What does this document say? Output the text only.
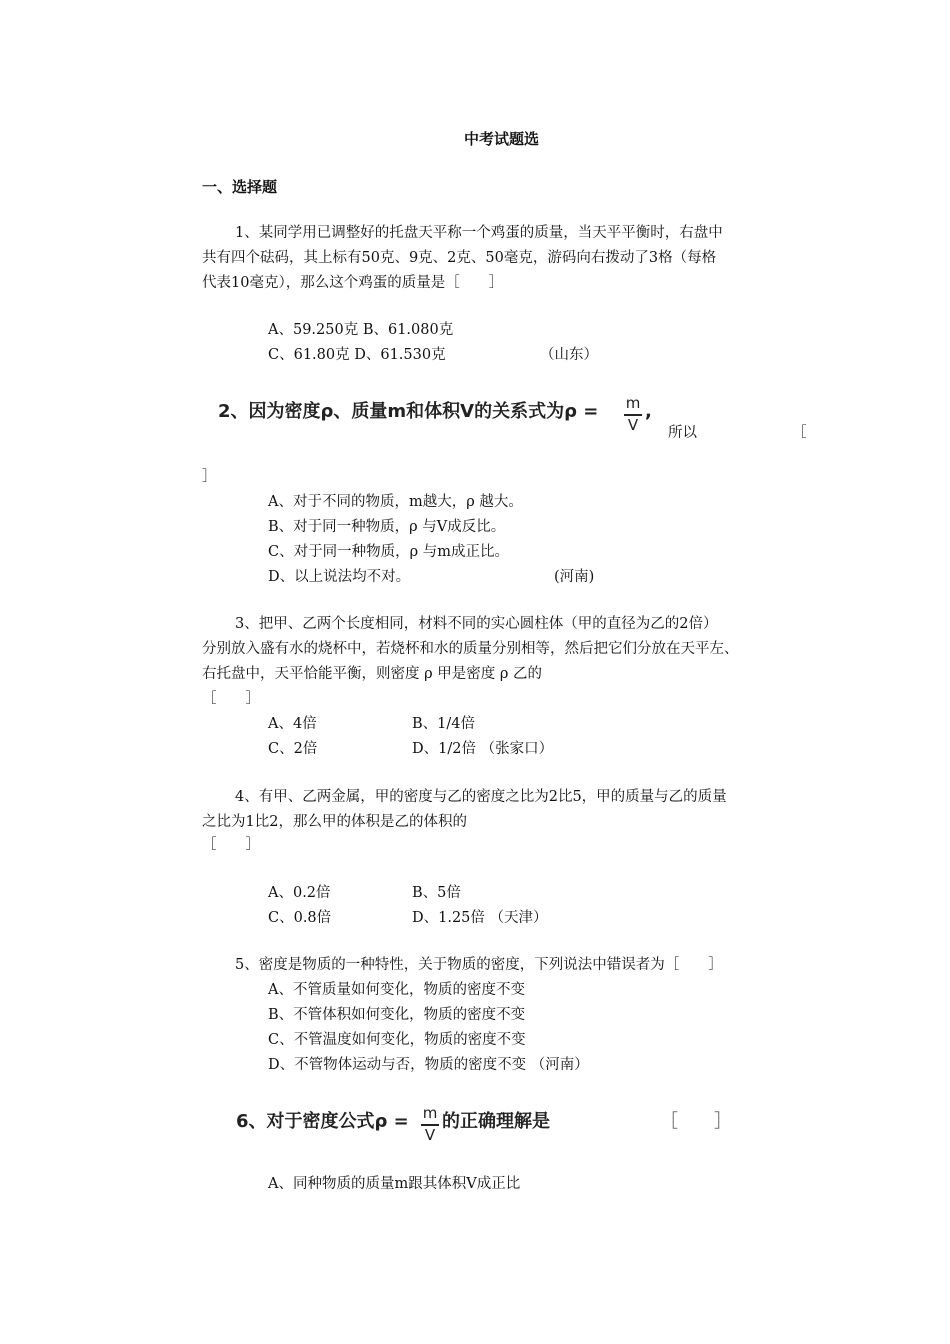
中考试题选
一、选择题
1、某同学用已调整好的托盘天平称一个鸡蛋的质量，当天平平衡时，右盘中
共有四个砝码，其上标有50克、9克、2克、50毫克，游码向右拨动了3格（每格
代表10毫克），那么这个鸡蛋的质量是［　　］
A、59.250克 B、61.080克
C、61.80克 D、61.530克	（山东）
2、因为密度ρ、质量m和体积V的关系式为ρ = m
V
,
所以	［
］
A、对于不同的物质，m越大，ρ 越大。
B、对于同一种物质，ρ 与V成反比。
C、对于同一种物质，ρ 与m成正比。
D、以上说法均不对。	(河南)
3、把甲、乙两个长度相同，材料不同的实心圆柱体（甲的直径为乙的2倍）
分别放入盛有水的烧杯中，若烧杯和水的质量分别相等，然后把它们分放在天平左、
右托盘中，天平恰能平衡，则密度 ρ 甲是密度 ρ 乙的
［　　］
A、4倍	B、1/4倍
C、2倍	D、1/2倍 （张家口）
4、有甲、乙两金属，甲的密度与乙的密度之比为2比5，甲的质量与乙的质量
之比为1比2，那么甲的体积是乙的体积的
［　　］
A、0.2倍	B、5倍
C、0.8倍	D、1.25倍 （天津）
5、密度是物质的一种特性，关于物质的密度，下列说法中错误者为［　　］
A、不管质量如何变化，物质的密度不变
B、不管体积如何变化，物质的密度不变
C、不管温度如何变化，物质的密度不变
D、不管物体运动与否，物质的密度不变 （河南）
6、对于密度公式ρ = m
V
的正确理解是	［　　］
A、同种物质的质量m跟其体积V成正比
